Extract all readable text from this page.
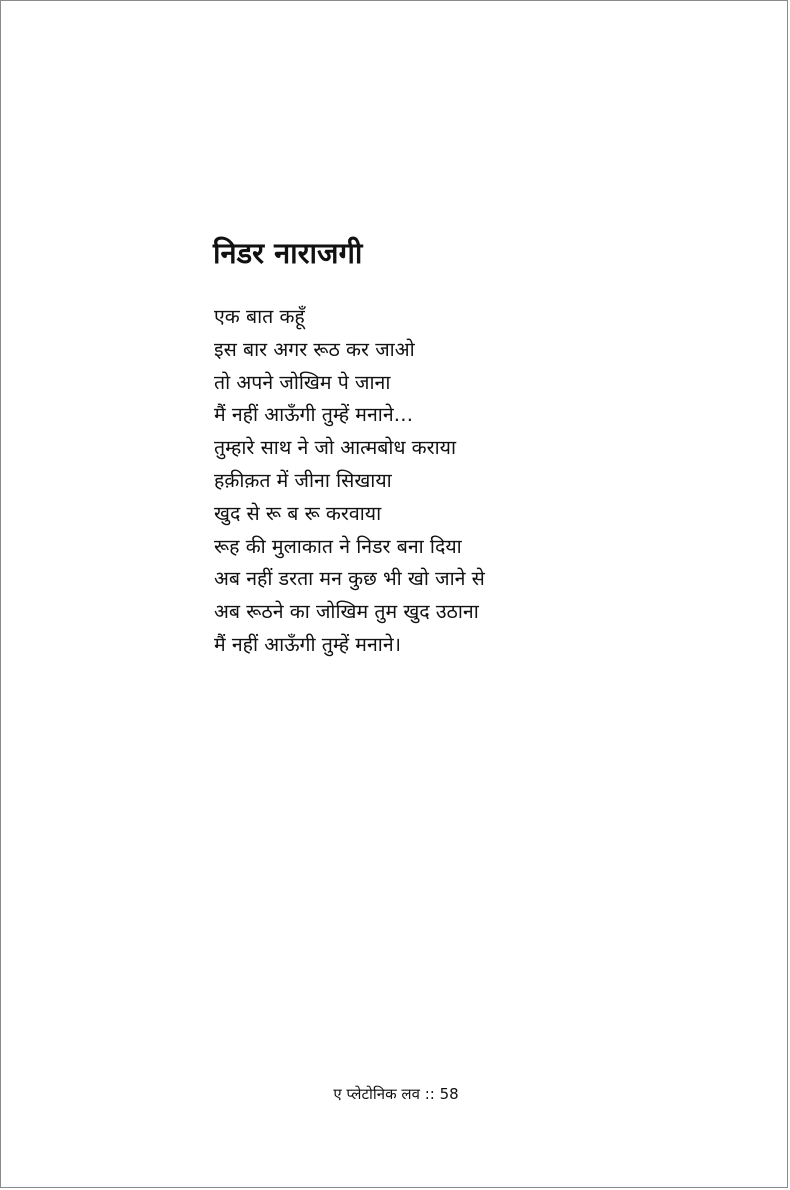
निडर नाराजगी
एक बात कहूँ
इस बार अगर रूठ कर जाओ
तो अपने जोखिम पे जाना
मैं नहीं आऊँगी तुम्हें मनाने…
तुम्हारे साथ ने जो आत्मबोध कराया
हक़ीक़त में जीना सिखाया
खुद से रू ब रू करवाया
रूह की मुलाकात ने निडर बना दिया
अब नहीं डरता मन कुछ भी खो जाने से
अब रूठने का जोखिम तुम खुद उठाना
मैं नहीं आऊँगी तुम्हें मनाने।
ए प्लेटोनिक लव :: 58
